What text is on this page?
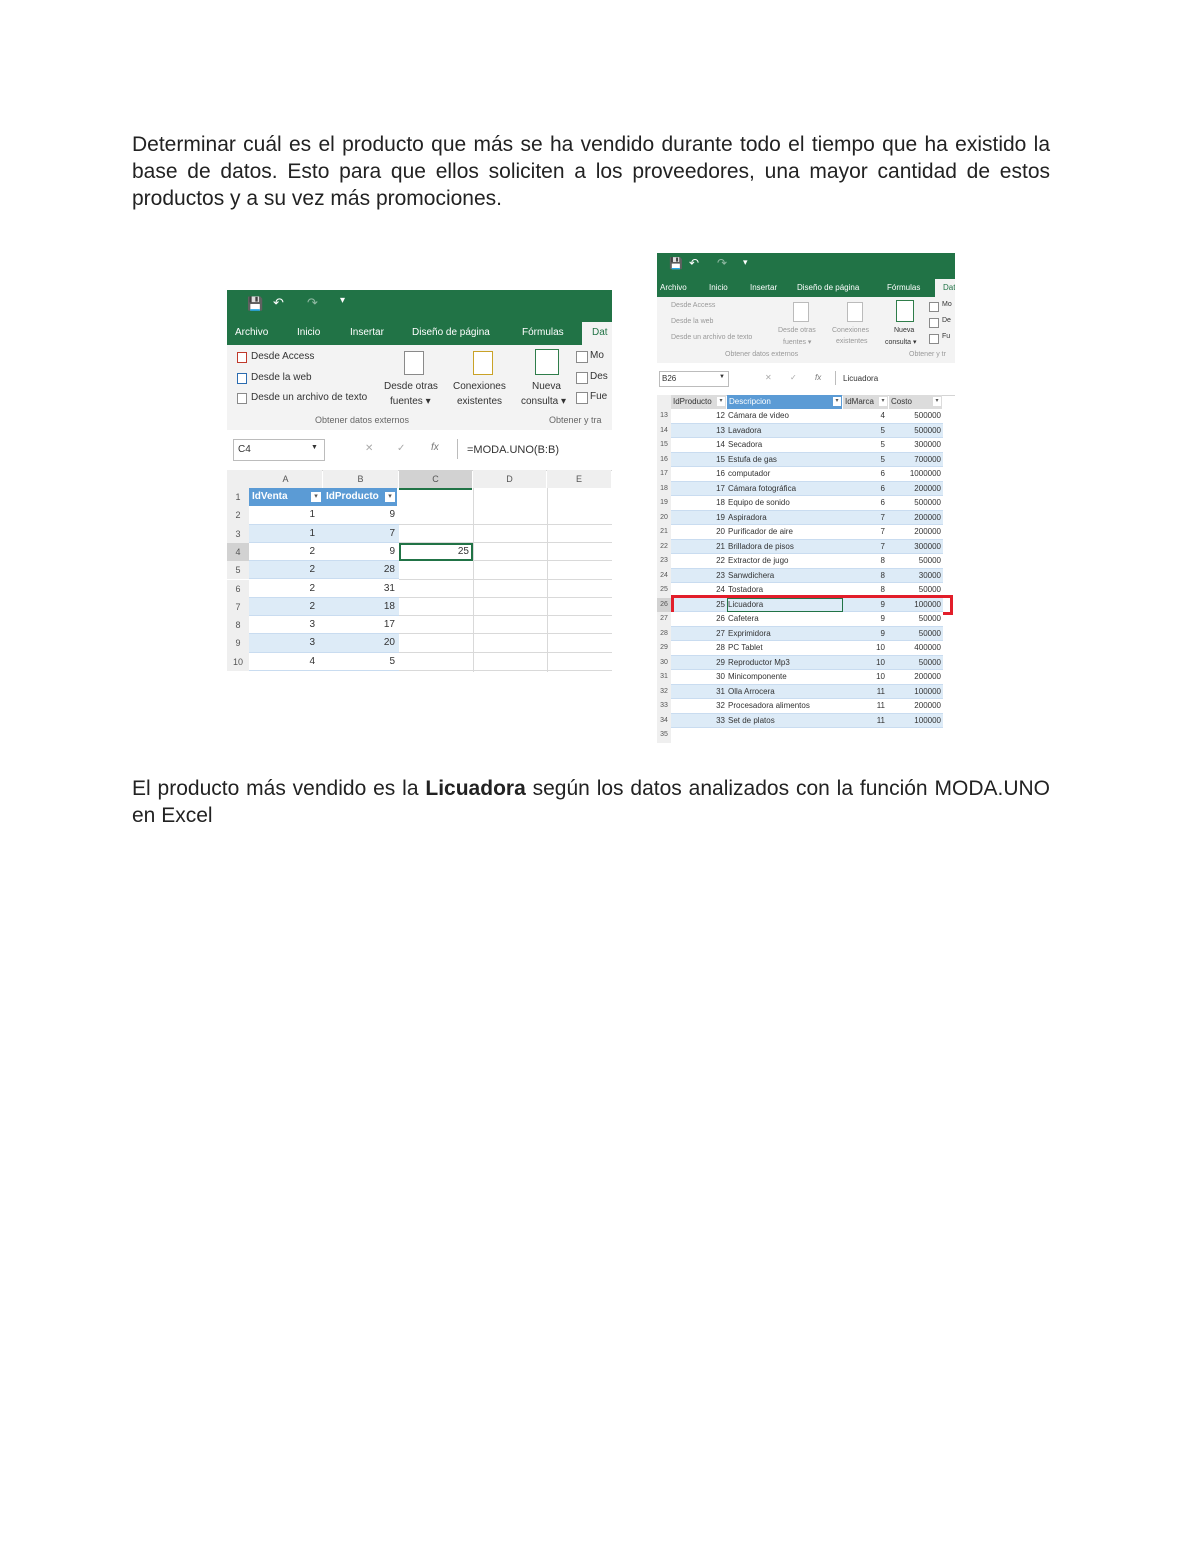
Determinar cuál es el producto que más se ha vendido durante todo el tiempo que ha existido la base de datos. Esto para que ellos soliciten a los proveedores, una mayor cantidad de estos productos y a su vez más promociones.

💾 ↶ ↷ ▾
Archivo	Inicio	Insertar	Diseño de página	Fórmulas	Dat
Desde Access
Desde la web
Desde un archivo de texto
Desde otras
fuentes ▾
Conexiones
existentes
Nueva
consulta ▾
Mo
Des
Fue
Obtener datos externos	Obtener y tra
C4	▼	✕ ✓	fx	=MODA.UNO(B:B)
A	B	C	D	E
1	IdVenta	IdProducto
▾	▾
2	1	9
3	1	7
4	2	9	25
5	2	28
6	2	31
7	2	18
8	3	17
9	3	20
10	4	5
💾 ↶ ↷ ▾
Archivo	Inicio	Insertar Diseño de página	Fórmulas	Dat
Desde Access
Desde la web
Desde un archivo de texto
Desde otras
fuentes ▾
Conexiones
existentes
Nueva
consulta ▾
Mo
De
Fu
Obtener datos externos	Obtener y tr
B26	▼	✕ ✓ fx	Licuadora
IdProducto	▾ Descripcion	▾ IdMarca	▾ Costo	▾
13	12 Cámara de video	4	500000
14	13 Lavadora	5	500000
15	14 Secadora	5	300000
16	15 Estufa de gas	5	700000
17	16 computador	6	1000000
18	17 Cámara fotográfica	6	200000
19	18 Equipo de sonido	6	500000
20	19 Aspiradora	7	200000
21	20 Purificador de aire	7	200000
22	21 Brilladora de pisos	7	300000
23	22 Extractor de jugo	8	50000
24	23 Sanwdichera	8	30000
25	24 Tostadora	8	50000
26	25 Licuadora	9	100000
27	26 Cafetera	9	50000
28	27 Exprimidora	9	50000
29	28 PC Tablet	10	400000
30	29 Reproductor Mp3	10	50000
31	30 Minicomponente	10	200000
32	31 Olla Arrocera	11	100000
33	32 Procesadora alimentos	11	200000
34	33 Set de platos	11	100000
35

El producto más vendido es la Licuadora según los datos analizados con la función MODA.UNO en Excel
